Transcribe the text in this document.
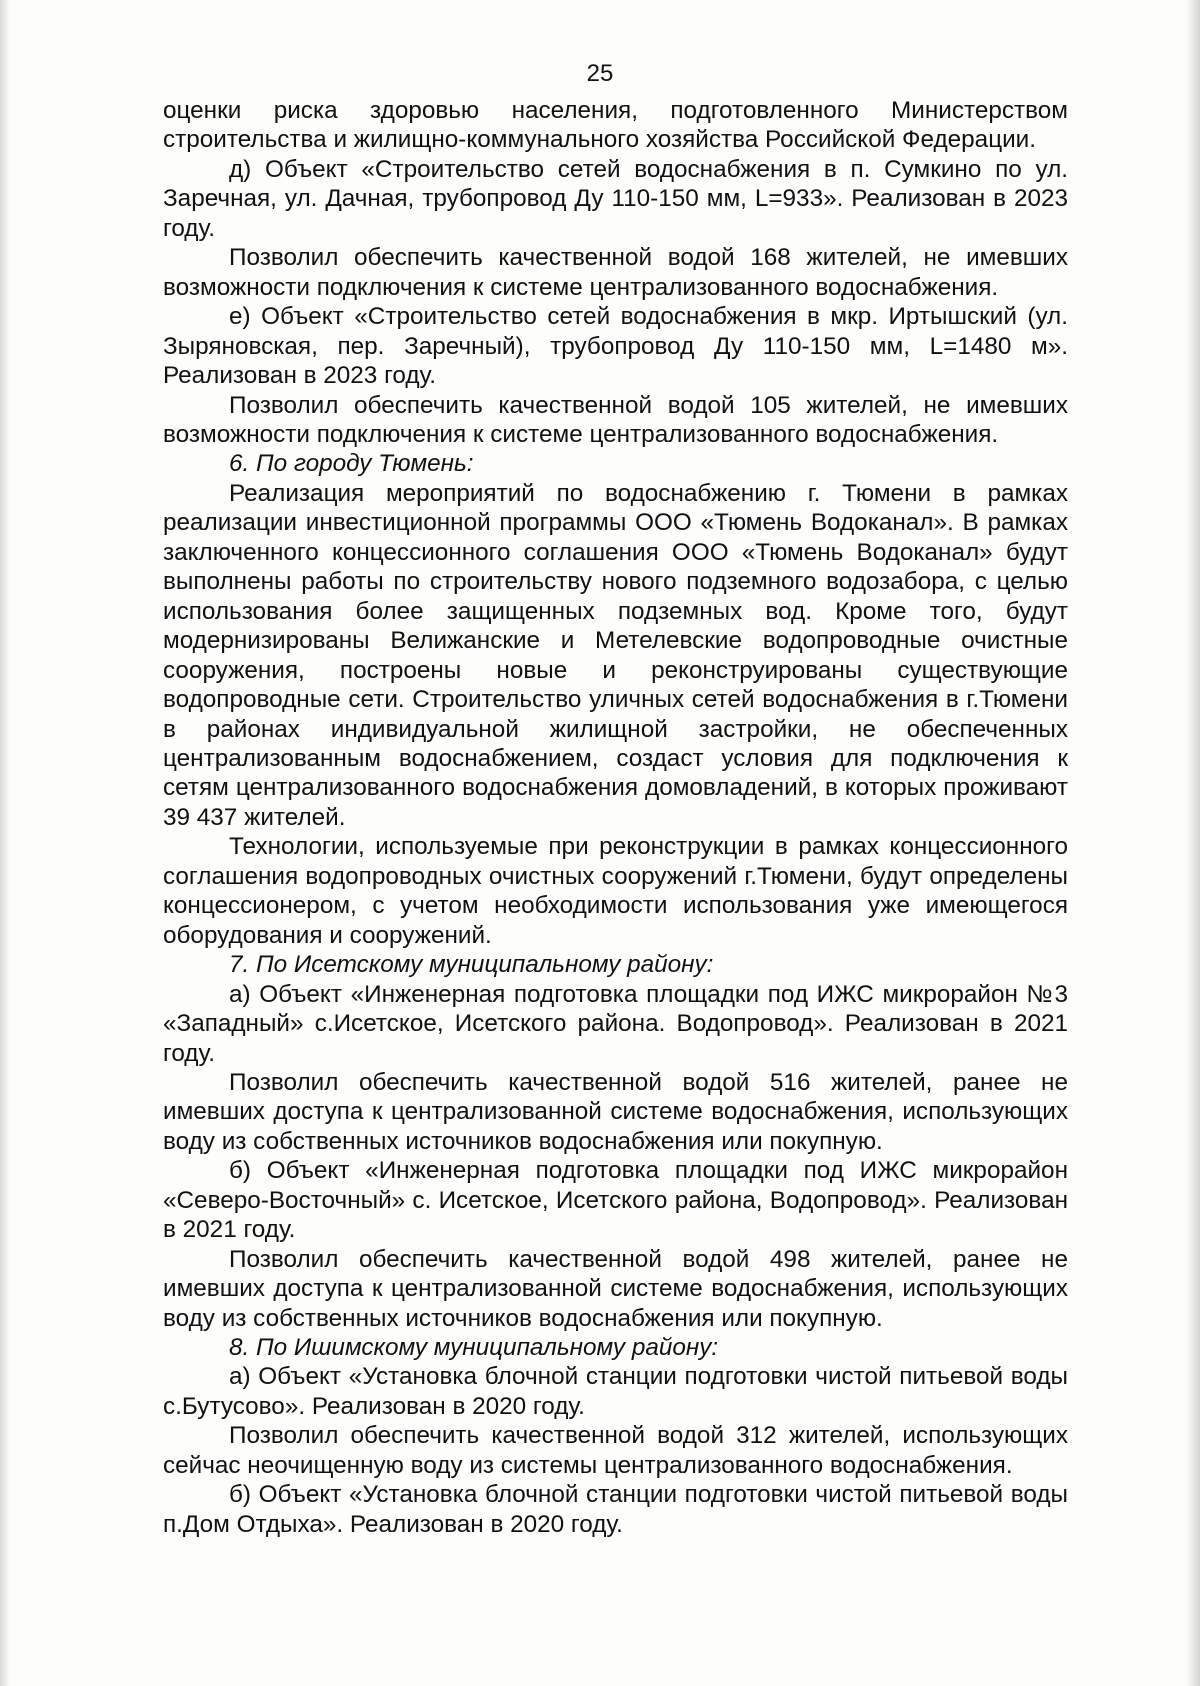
25

оценки риска здоровью населения, подготовленного Министерством строительства и жилищно-коммунального хозяйства Российской Федерации.

д) Объект «Строительство сетей водоснабжения в п. Сумкино по ул. Заречная, ул. Дачная, трубопровод Ду 110-150 мм, L=933». Реализован в 2023 году.

Позволил обеспечить качественной водой 168 жителей, не имевших возможности подключения к системе централизованного водоснабжения.

е) Объект «Строительство сетей водоснабжения в мкр. Иртышский (ул. Зыряновская, пер. Заречный), трубопровод Ду 110-150 мм, L=1480 м». Реализован в 2023 году.

Позволил обеспечить качественной водой 105 жителей, не имевших возможности подключения к системе централизованного водоснабжения.

6. По городу Тюмень:

Реализация мероприятий по водоснабжению г. Тюмени в рамках реализации инвестиционной программы ООО «Тюмень Водоканал». В рамках заключенного концессионного соглашения ООО «Тюмень Водоканал» будут выполнены работы по строительству нового подземного водозабора, с целью использования более защищенных подземных вод. Кроме того, будут модернизированы Велижанские и Метелевские водопроводные очистные сооружения, построены новые и реконструированы существующие водопроводные сети. Строительство уличных сетей водоснабжения в г.Тюмени в районах индивидуальной жилищной застройки, не обеспеченных централизованным водоснабжением, создаст условия для подключения к сетям централизованного водоснабжения домовладений, в которых проживают 39 437 жителей.

Технологии, используемые при реконструкции в рамках концессионного соглашения водопроводных очистных сооружений г.Тюмени, будут определены концессионером, с учетом необходимости использования уже имеющегося оборудования и сооружений.

7. По Исетскому муниципальному району:

а) Объект «Инженерная подготовка площадки под ИЖС микрорайон №3 «Западный» с.Исетское, Исетского района. Водопровод». Реализован в 2021 году.

Позволил обеспечить качественной водой 516 жителей, ранее не имевших доступа к централизованной системе водоснабжения, использующих воду из собственных источников водоснабжения или покупную.

б) Объект «Инженерная подготовка площадки под ИЖС микрорайон «Северо-Восточный» с. Исетское, Исетского района, Водопровод». Реализован в 2021 году.

Позволил обеспечить качественной водой 498 жителей, ранее не имевших доступа к централизованной системе водоснабжения, использующих воду из собственных источников водоснабжения или покупную.

8. По Ишимскому муниципальному району:

а) Объект «Установка блочной станции подготовки чистой питьевой воды с.Бутусово». Реализован в 2020 году.

Позволил обеспечить качественной водой 312 жителей, использующих сейчас неочищенную воду из системы централизованного водоснабжения.

б) Объект «Установка блочной станции подготовки чистой питьевой воды п.Дом Отдыха». Реализован в 2020 году.
